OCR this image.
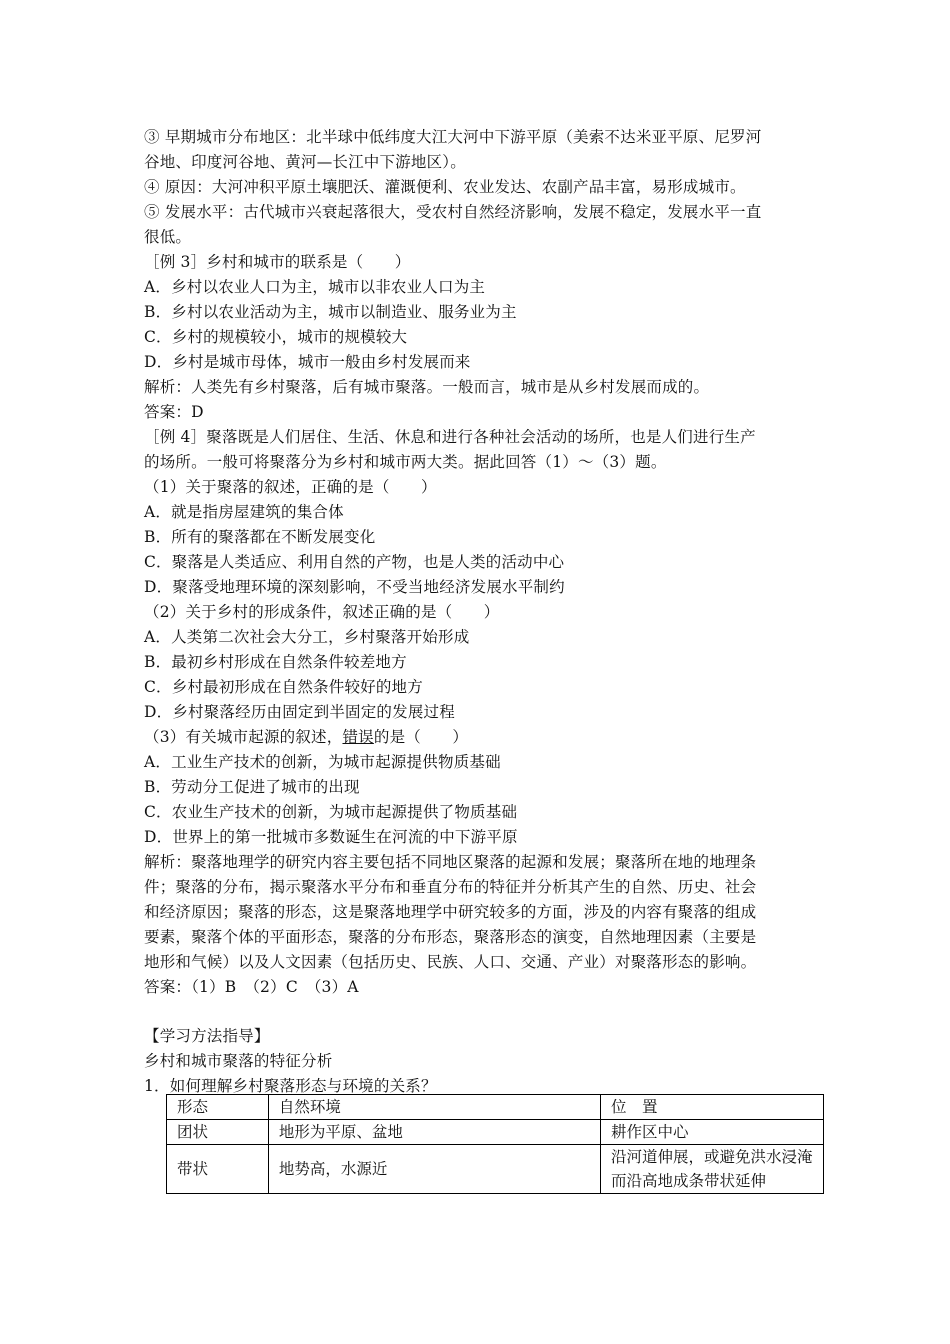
③ 早期城市分布地区：北半球中低纬度大江大河中下游平原（美索不达米亚平原、尼罗河
谷地、印度河谷地、黄河—长江中下游地区）。
④ 原因：大河冲积平原土壤肥沃、灌溉便利、农业发达、农副产品丰富，易形成城市。
⑤ 发展水平：古代城市兴衰起落很大，受农村自然经济影响，发展不稳定，发展水平一直
很低。
［例 3］乡村和城市的联系是（　　）
A．乡村以农业人口为主，城市以非农业人口为主
B．乡村以农业活动为主，城市以制造业、服务业为主
C．乡村的规模较小，城市的规模较大
D．乡村是城市母体，城市一般由乡村发展而来
解析：人类先有乡村聚落，后有城市聚落。一般而言，城市是从乡村发展而成的。
答案：D
［例 4］聚落既是人们居住、生活、休息和进行各种社会活动的场所，也是人们进行生产
的场所。一般可将聚落分为乡村和城市两大类。据此回答（1）～（3）题。
（1）关于聚落的叙述，正确的是（　　）
A．就是指房屋建筑的集合体
B．所有的聚落都在不断发展变化
C．聚落是人类适应、利用自然的产物，也是人类的活动中心
D．聚落受地理环境的深刻影响，不受当地经济发展水平制约
（2）关于乡村的形成条件，叙述正确的是（　　）
A．人类第二次社会大分工，乡村聚落开始形成
B．最初乡村形成在自然条件较差地方
C．乡村最初形成在自然条件较好的地方
D．乡村聚落经历由固定到半固定的发展过程
（3）有关城市起源的叙述，错误的是（　　）
A．工业生产技术的创新，为城市起源提供物质基础
B．劳动分工促进了城市的出现
C．农业生产技术的创新，为城市起源提供了物质基础
D．世界上的第一批城市多数诞生在河流的中下游平原
解析：聚落地理学的研究内容主要包括不同地区聚落的起源和发展；聚落所在地的地理条
件；聚落的分布，揭示聚落水平分布和垂直分布的特征并分析其产生的自然、历史、社会
和经济原因；聚落的形态，这是聚落地理学中研究较多的方面，涉及的内容有聚落的组成
要素，聚落个体的平面形态，聚落的分布形态，聚落形态的演变，自然地理因素（主要是
地形和气候）以及人文因素（包括历史、民族、人口、交通、产业）对聚落形态的影响。
答案：（1）B　（2）C　（3）A
【学习方法指导】
乡村和城市聚落的特征分析
1．如何理解乡村聚落形态与环境的关系？
形态	自然环境	位　置
团状	地形为平原、盆地	耕作区中心
带状	地势高，水源近	沿河道伸展，或避免洪水浸淹而沿高地成条带状延伸
